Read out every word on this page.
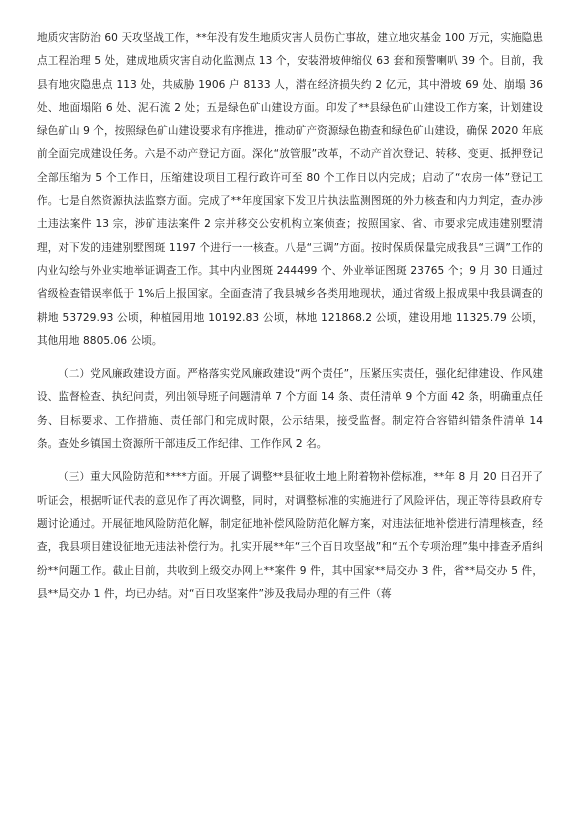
地质灾害防治 60 天攻坚战工作，**年没有发生地质灾害人员伤亡事故，建立地灾基金 100 万元，实施隐患点工程治理 5 处，建成地质灾害自动化监测点 13 个，安装滑坡伸缩仪 63 套和预警喇叭 39 个。目前，我县有地灾隐患点 113 处，共威胁 1906 户 8133 人，潜在经济损失约 2 亿元，其中滑坡 69 处、崩塌 36 处、地面塌陷 6 处、泥石流 2 处；五是绿色矿山建设方面。印发了**县绿色矿山建设工作方案，计划建设绿色矿山 9 个，按照绿色矿山建设要求有序推进，推动矿产资源绿色勘查和绿色矿山建设，确保 2020 年底前全面完成建设任务。六是不动产登记方面。深化“放管服”改革，不动产首次登记、转移、变更、抵押登记全部压缩为 5 个工作日，压缩建设项目工程行政许可至 80 个工作日以内完成；启动了“农房一体”登记工作。七是自然资源执法监察方面。完成了**年度国家下发卫片执法监测图斑的外力核查和内力判定，查办涉土违法案件 13 宗，涉矿违法案件 2 宗并移交公安机构立案侦查；按照国家、省、市要求完成违建别墅清理，对下发的违建别墅图斑 1197 个进行一一核查。八是“三调”方面。按时保质保量完成我县“三调”工作的内业勾绘与外业实地举证调查工作。其中内业图斑 244499 个、外业举证图斑 23765 个；9 月 30 日通过省级检查错误率低于 1%后上报国家。全面查清了我县城乡各类用地现状，通过省级上报成果中我县调查的耕地 53729.93 公顷，种植园用地 10192.83 公顷，林地 121868.2 公顷，建设用地 11325.79 公顷，其他用地 8805.06 公顷。

（二）党风廉政建设方面。严格落实党风廉政建设“两个责任”，压紧压实责任，强化纪律建设、作风建设、监督检查、执纪问责，列出领导班子问题清单 7 个方面 14 条、责任清单 9 个方面 42 条，明确重点任务、目标要求、工作措施、责任部门和完成时限，公示结果，接受监督。制定符合容错纠错条件清单 14 条。查处乡镇国土资源所干部违反工作纪律、工作作风 2 名。

（三）重大风险防范和****方面。开展了调整**县征收土地上附着物补偿标准，**年 8 月 20 日召开了听证会，根据听证代表的意见作了再次调整，同时，对调整标准的实施进行了风险评估，现正等待县政府专题讨论通过。开展征地风险防范化解，制定征地补偿风险防范化解方案，对违法征地补偿进行清理核查，经查，我县项目建设征地无违法补偿行为。扎实开展**年“三个百日攻坚战”和“五个专项治理”集中排查矛盾纠纷**问题工作。截止目前，共收到上级交办网上**案件 9 件，其中国家**局交办 3 件，省**局交办 5 件，县**局交办 1 件，均已办结。对“百日攻坚案件”涉及我局办理的有三件（蒋
